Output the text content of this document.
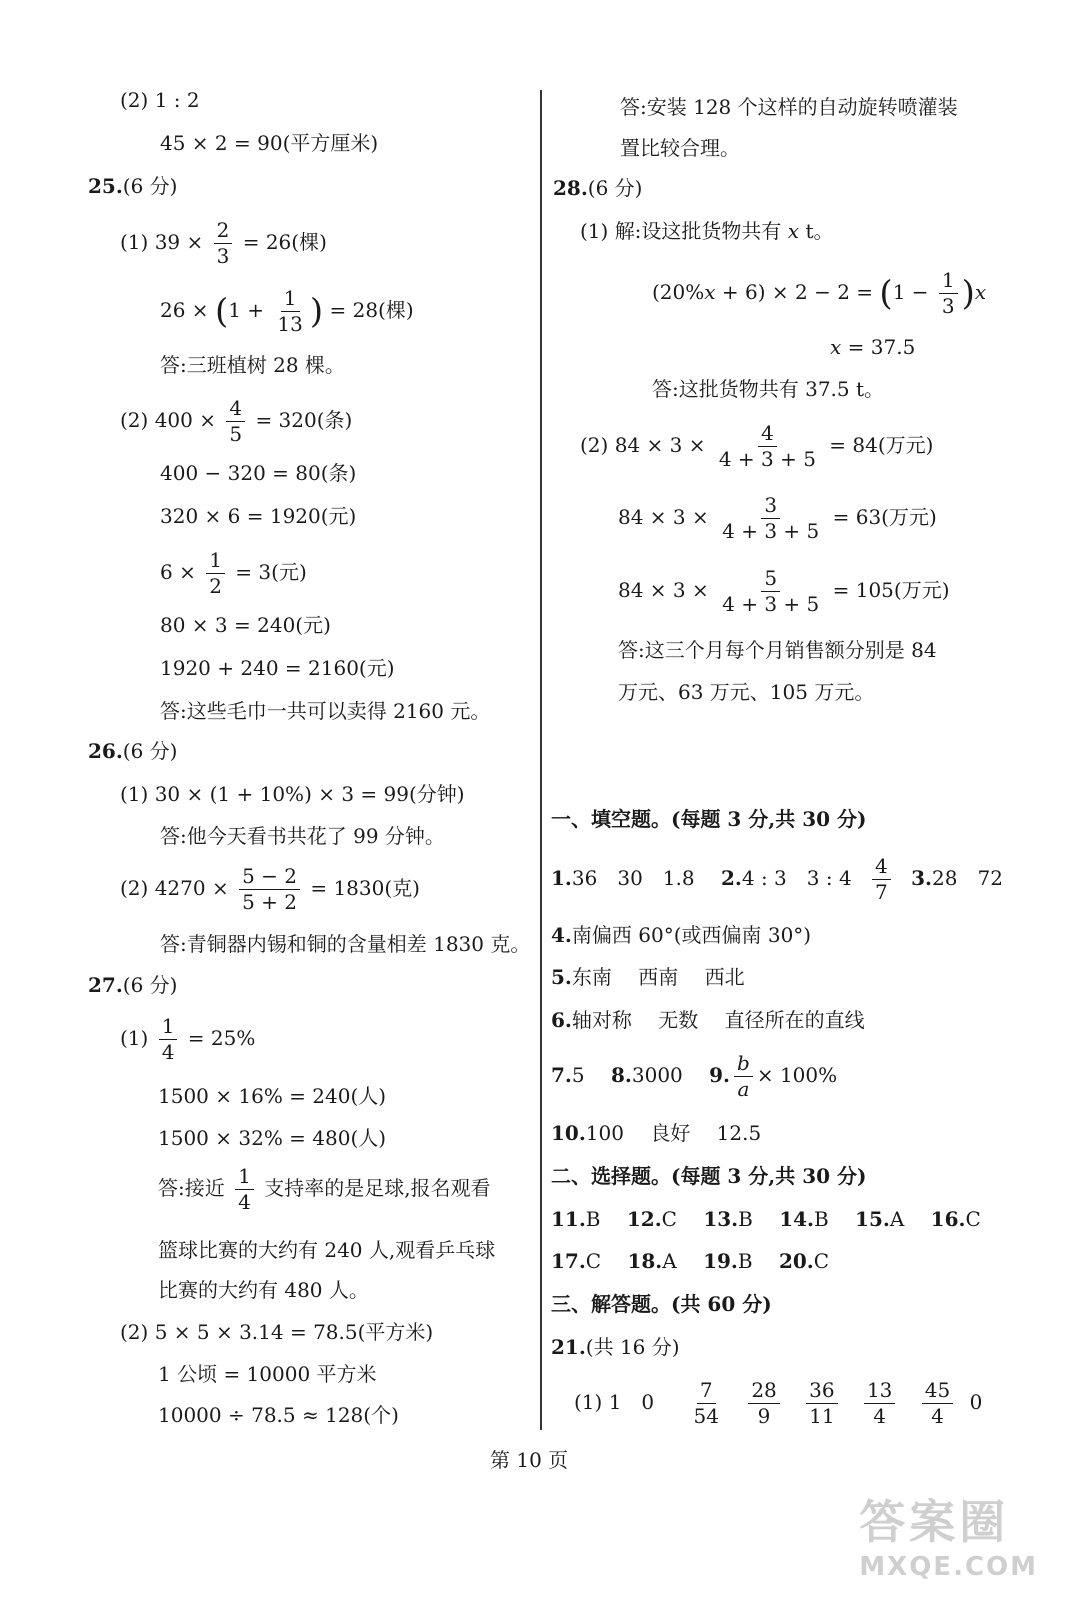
(2) 1 : 2
45 × 2 = 90(平方厘米)
25.(6 分)
(1) $39 \times \frac{2}{3} = 26$(棵)
$26 \times (1 + \frac{1}{13}$ ) = 28(棵)
答:三班植树 28 棵。
(2) $400 \times \frac{4}{5} = 320$(条)
400 − 320 = 80(条)
320 × 6 = 1920(元)
$6 \times \frac{1}{2} = 3$(元)
80 × 3 = 240(元)
1920 + 240 = 2160(元)
答:这些毛巾一共可以卖得 2160 元。
26.(6 分)
(1) 30 × (1 + 10%) × 3 = 99(分钟)
答:他今天看书共花了 99 分钟。
(2) $4270 \times \frac{5 - 2}{5 + 2} = 1830$(克)
答:青铜器内锡和铜的含量相差 1830 克。
27.(6 分)
$(1) \frac{1}{4} = 25\%$
1500 × 16% = 240(人)
1500 × 32% = 480(人)
答:接近 $\frac{1}{4}$ 支持率的是足球,报名观看
篮球比赛的大约有 240 人,观看乒乓球
比赛的大约有 480 人。
(2) 5 × 5 × 3.14 = 78.5(平方米)
1 公顷 = 10000 平方米
10000 ÷ 78.5 ≈ 128(个)
答:安装 128 个这样的自动旋转喷灌装
置比较合理。
28.(6 分)
(1) 解:设这批货物共有 x t。
$(20\%x + 6) \times 2 - 2 = (1 - \frac{1}{3} )x$
x = 37.5
答:这批货物共有 37.5 t。
(2) $84 \times 3 \times \frac{4}{4 + 3 + 5} = 84$(万元)
$84 \times 3 \times \frac{3}{4 + 3 + 5} = 63$(万元)
$84 \times 3 \times \frac{5}{4 + 3 + 5} = 105$(万元)
答:这三个月每个月销售额分别是 84
万元、63 万元、105 万元。
一、填空题。(每题 3 分,共 30 分)
1.36　30　1.8　 2.4 : 3　3 : $4 \frac{4}{7} 3.28$　72
4.南偏西 60°(或西偏南 30°)
5.东南　 西南　 西北
6.轴对称　 无数　 直径所在的直线
7.5　 8.3000　 9. $\frac{b}{a} \times 100\%$
10.100　 良好　 12.5
二、选择题。(每题 3 分,共 30 分)
11.B　 12.C　 13.B　 14.B　 15.A　 16.C
17.C　 18.A　 19.B　 20.C
三、解答题。(共 60 分)
21.(共 16 分)
(1) 1　0　 $\frac{7}{54}$
$\frac{28}{9}$
$\frac{36}{11}$
$\frac{13}{4}$
$\frac{45}{4} 0$
第 10 页
答案圈
MXQE.COM
